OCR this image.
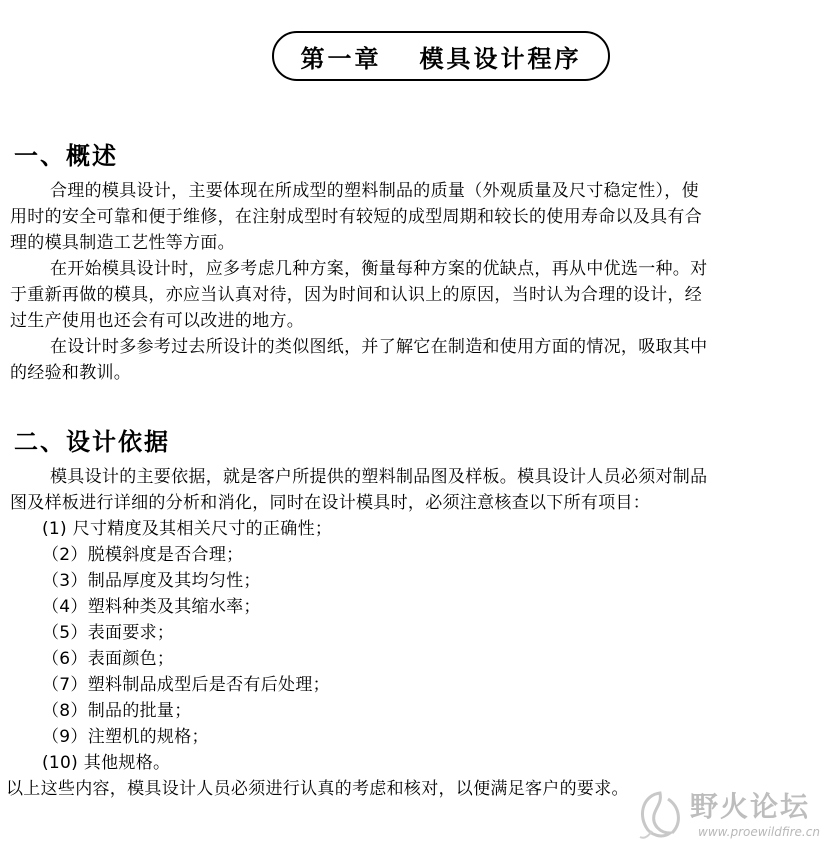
第一章 模具设计程序
一、概述
合理的模具设计，主要体现在所成型的塑料制品的质量（外观质量及尺寸稳定性），使
用时的安全可靠和便于维修，在注射成型时有较短的成型周期和较长的使用寿命以及具有合
理的模具制造工艺性等方面。
在开始模具设计时，应多考虑几种方案，衡量每种方案的优缺点，再从中优选一种。对
于重新再做的模具，亦应当认真对待，因为时间和认识上的原因，当时认为合理的设计，经
过生产使用也还会有可以改进的地方。
在设计时多参考过去所设计的类似图纸，并了解它在制造和使用方面的情况，吸取其中
的经验和教训。
二、设计依据
模具设计的主要依据，就是客户所提供的塑料制品图及样板。模具设计人员必须对制品
图及样板进行详细的分析和消化，同时在设计模具时，必须注意核查以下所有项目：
(1) 尺寸精度及其相关尺寸的正确性；
（2）脱模斜度是否合理；
（3）制品厚度及其均匀性；
（4）塑料种类及其缩水率；
（5）表面要求；
（6）表面颜色；
（7）塑料制品成型后是否有后处理；
（8）制品的批量；
（9）注塑机的规格；
(10) 其他规格。
以上这些内容，模具设计人员必须进行认真的考虑和核对，以便满足客户的要求。
野火论坛
www.proewildfire.cn
